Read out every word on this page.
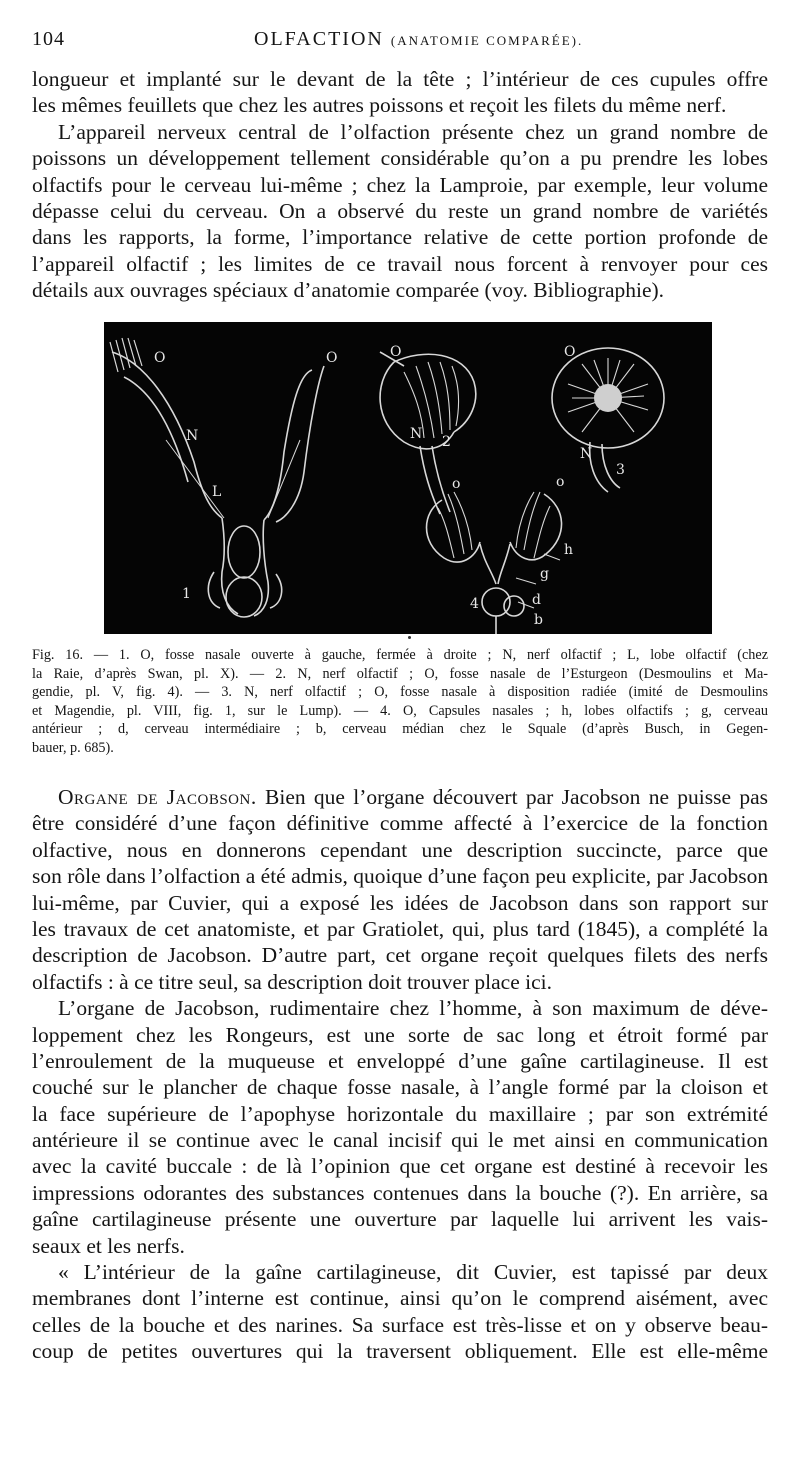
104	OLFACTION (ANATOMIE COMPARÉE).
longueur et implanté sur le devant de la tête ; l’intérieur de ces cupules offre
les mêmes feuillets que chez les autres poissons et reçoit les filets du même nerf.
L’appareil nerveux central de l’olfaction présente chez un grand nombre de
poissons un développement tellement considérable qu’on a pu prendre les lobes
olfactifs pour le cerveau lui-même ; chez la Lamproie, par exemple, leur volume
dépasse celui du cerveau. On a observé du reste un grand nombre de variétés
dans les rapports, la forme, l’importance relative de cette portion profonde de
l’appareil olfactif ; les limites de ce travail nous forcent à renvoyer pour ces
détails aux ouvrages spéciaux d’anatomie comparée (voy. Bibliographie).
O	O
N
L
1
O
N 2
O
N
3
o	o
h
g
4	d
b
Fig. 16. — 1. O, fosse nasale ouverte à gauche, fermée à droite ; N, nerf olfactif ; L, lobe olfactif (chez
la Raie, d’après Swan, pl. X). — 2. N, nerf olfactif ; O, fosse nasale de l’Esturgeon (Desmoulins et Ma-
gendie, pl. V, fig. 4). — 3. N, nerf olfactif ; O, fosse nasale à disposition radiée (imité de Desmoulins
et Magendie, pl. VIII, fig. 1, sur le Lump). — 4. O, Capsules nasales ; h, lobes olfactifs ; g, cerveau
antérieur ; d, cerveau intermédiaire ; b, cerveau médian chez le Squale (d’après Busch, in Gegen-
bauer, p. 685).
Organe de Jacobson. Bien que l’organe découvert par Jacobson ne puisse pas
être considéré d’une façon définitive comme affecté à l’exercice de la fonction
olfactive, nous en donnerons cependant une description succincte, parce que
son rôle dans l’olfaction a été admis, quoique d’une façon peu explicite, par Jacobson
lui-même, par Cuvier, qui a exposé les idées de Jacobson dans son rapport sur
les travaux de cet anatomiste, et par Gratiolet, qui, plus tard (1845), a complété la
description de Jacobson. D’autre part, cet organe reçoit quelques filets des nerfs
olfactifs : à ce titre seul, sa description doit trouver place ici.
L’organe de Jacobson, rudimentaire chez l’homme, à son maximum de déve-
loppement chez les Rongeurs, est une sorte de sac long et étroit formé par
l’enroulement de la muqueuse et enveloppé d’une gaîne cartilagineuse. Il est
couché sur le plancher de chaque fosse nasale, à l’angle formé par la cloison et
la face supérieure de l’apophyse horizontale du maxillaire ; par son extrémité
antérieure il se continue avec le canal incisif qui le met ainsi en communication
avec la cavité buccale : de là l’opinion que cet organe est destiné à recevoir les
impressions odorantes des substances contenues dans la bouche (?). En arrière, sa
gaîne cartilagineuse présente une ouverture par laquelle lui arrivent les vais-
seaux et les nerfs.
« L’intérieur de la gaîne cartilagineuse, dit Cuvier, est tapissé par deux
membranes dont l’interne est continue, ainsi qu’on le comprend aisément, avec
celles de la bouche et des narines. Sa surface est très-lisse et on y observe beau-
coup de petites ouvertures qui la traversent obliquement. Elle est elle-même
